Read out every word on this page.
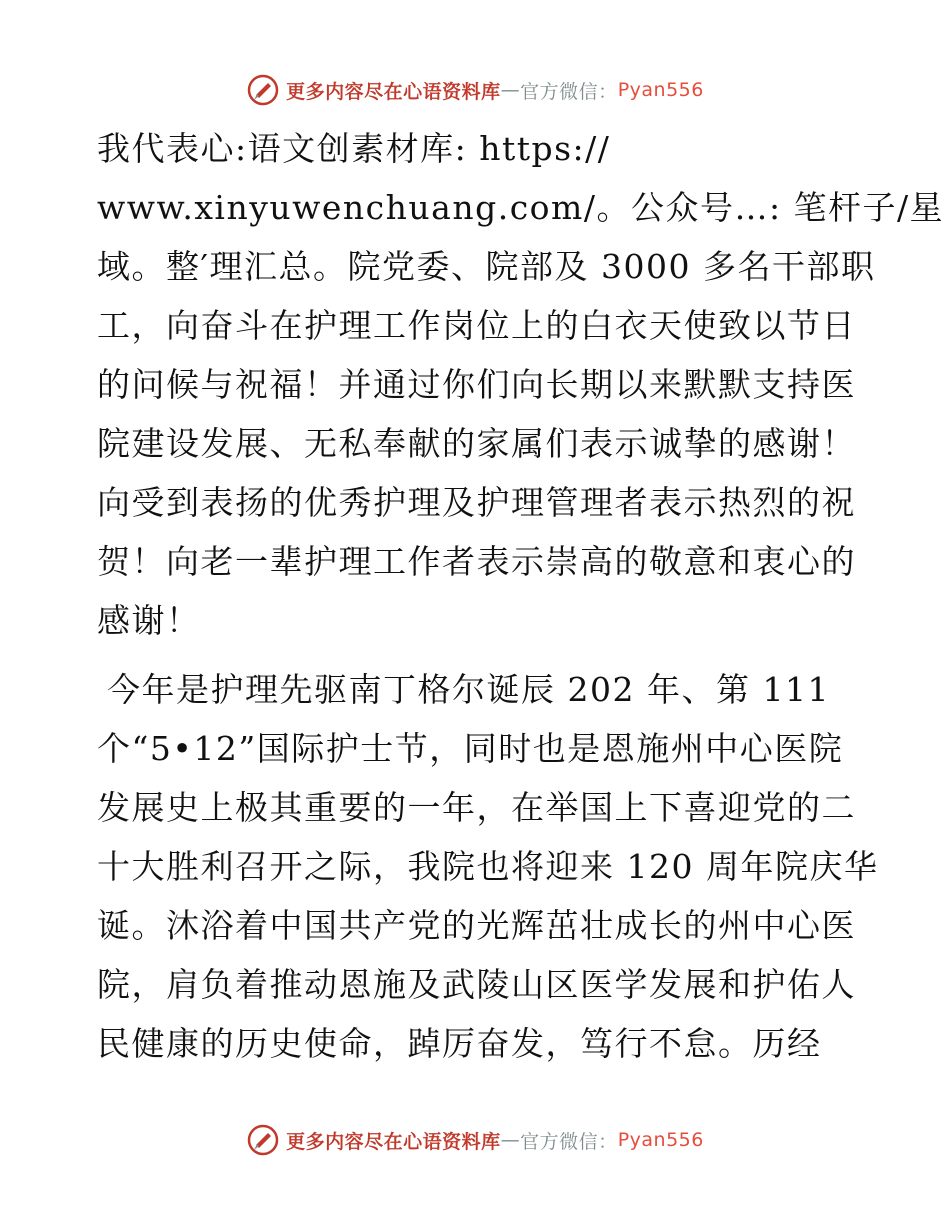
更多内容尽在心语资料库 — 官方微信： Pyan556
我代表心:语文创素材库: https://
www.xinyuwenchuang.com/。公众号…: 笔杆子/星
域。整′理汇总。院党委、院部及 3000 多名干部职
工，向奋斗在护理工作岗位上的白衣天使致以节日
的问候与祝福！并通过你们向长期以来默默支持医
院建设发展、无私奉献的家属们表示诚挚的感谢！
向受到表扬的优秀护理及护理管理者表示热烈的祝
贺！向老一辈护理工作者表示崇高的敬意和衷心的
感谢！
今年是护理先驱南丁格尔诞辰 202 年、第 111
个“5•12”国际护士节，同时也是恩施州中心医院
发展史上极其重要的一年，在举国上下喜迎党的二
十大胜利召开之际，我院也将迎来 120 周年院庆华
诞。沐浴着中国共产党的光辉茁壮成长的州中心医
院，肩负着推动恩施及武陵山区医学发展和护佑人
民健康的历史使命，踔厉奋发，笃行不怠。历经
更多内容尽在心语资料库 — 官方微信： Pyan556
